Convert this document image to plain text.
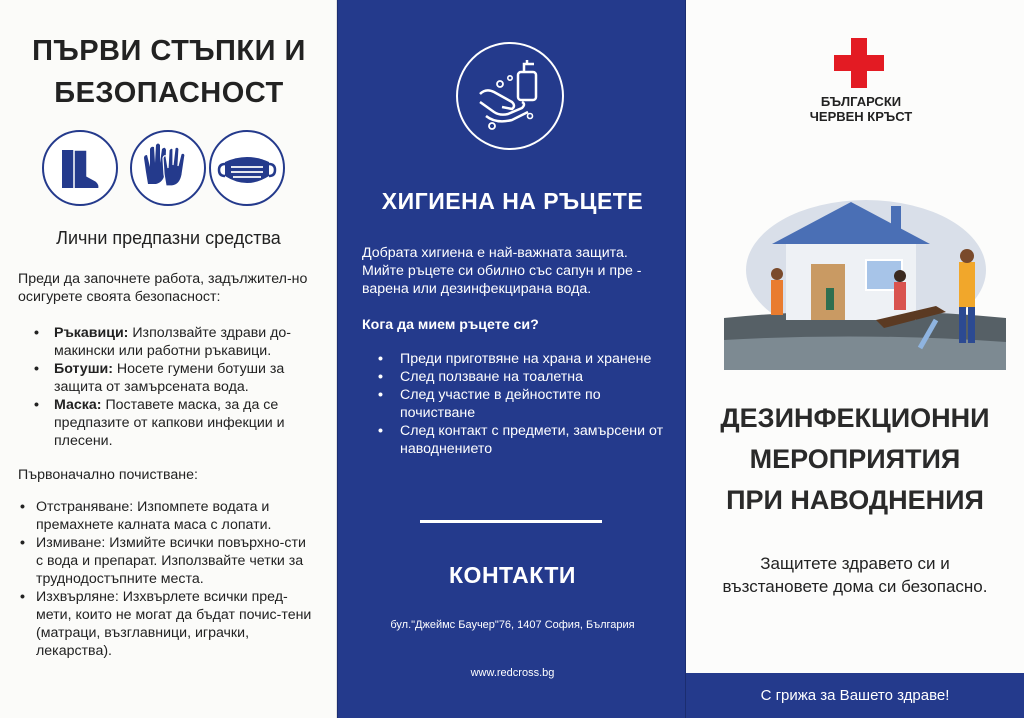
ПЪРВИ СТЪПКИ И
БЕЗОПАСНОСТ
Лични предпазни средства
Преди да започнете работа, задължител-но осигурете своята безопасност:
• Ръкавици: Използвайте здрави до-макински или работни ръкавици.
• Ботуши: Носете гумени ботуши за защита от замърсената вода.
• Маска: Поставете маска, за да се предпазите от капкови инфекции и плесени.
Първоначално почистване:
• Отстраняване: Изпомпете водата и премахнете калната маса с лопати.
• Измиване: Измийте всички повърхно-сти с вода и препарат. Използвайте четки за труднодостъпните места.
• Изхвърляне: Изхвърлете всички пред-мети, които не могат да бъдат почис-тени (матраци, възглавници, играчки, лекарства).
ХИГИЕНА НА РЪЦЕТЕ
Добрата хигиена е най-важната защита. Мийте ръцете си обилно със сапун и пре - варена или дезинфекцирана вода.
Кога да мием ръцете си?
• Преди приготвяне на храна и хранене
• След ползване на тоалетна
• След участие в дейностите по почистване
• След контакт с предмети, замърсени от наводнението
КОНТАКТИ
бул."Джеймс Баучер"76, 1407 София, България
www.redcross.bg
БЪЛГАРСКИ
ЧЕРВЕН КРЪСТ
ДЕЗИНФЕКЦИОННИ
МЕРОПРИЯТИЯ
ПРИ НАВОДНЕНИЯ
Защитете здравето си и
възстановете дома си безопасно.
С грижа за Вашето здраве!
